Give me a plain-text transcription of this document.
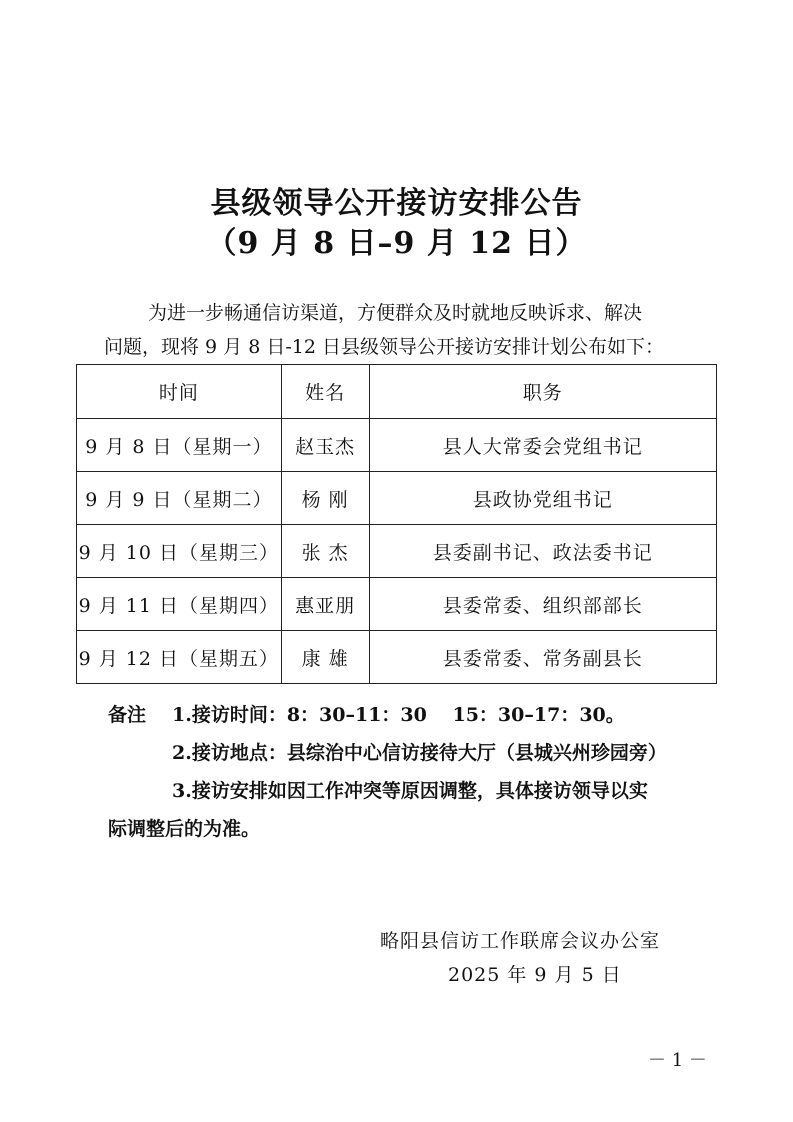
县级领导公开接访安排公告
（9 月 8 日–9 月 12 日）
为进一步畅通信访渠道，方便群众及时就地反映诉求、解决
问题，现将 9 月 8 日-12 日县级领导公开接访安排计划公布如下：
时间	姓名	职务
9 月 8 日（星期一）	赵玉杰	县人大常委会党组书记
9 月 9 日（星期二）	杨 刚	县政协党组书记
9 月 10 日（星期三）	张 杰	县委副书记、政法委书记
9 月 11 日（星期四）	惠亚朋	县委常委、组织部部长
9 月 12 日（星期五）	康 雄	县委常委、常务副县长
备注 1.接访时间：8：30–11：30　 15：30–17：30。
2.接访地点：县综治中心信访接待大厅（县城兴州珍园旁）
3.接访安排如因工作冲突等原因调整，具体接访领导以实
际调整后的为准。
略阳县信访工作联席会议办公室
2025 年 9 月 5 日
－ 1 －
